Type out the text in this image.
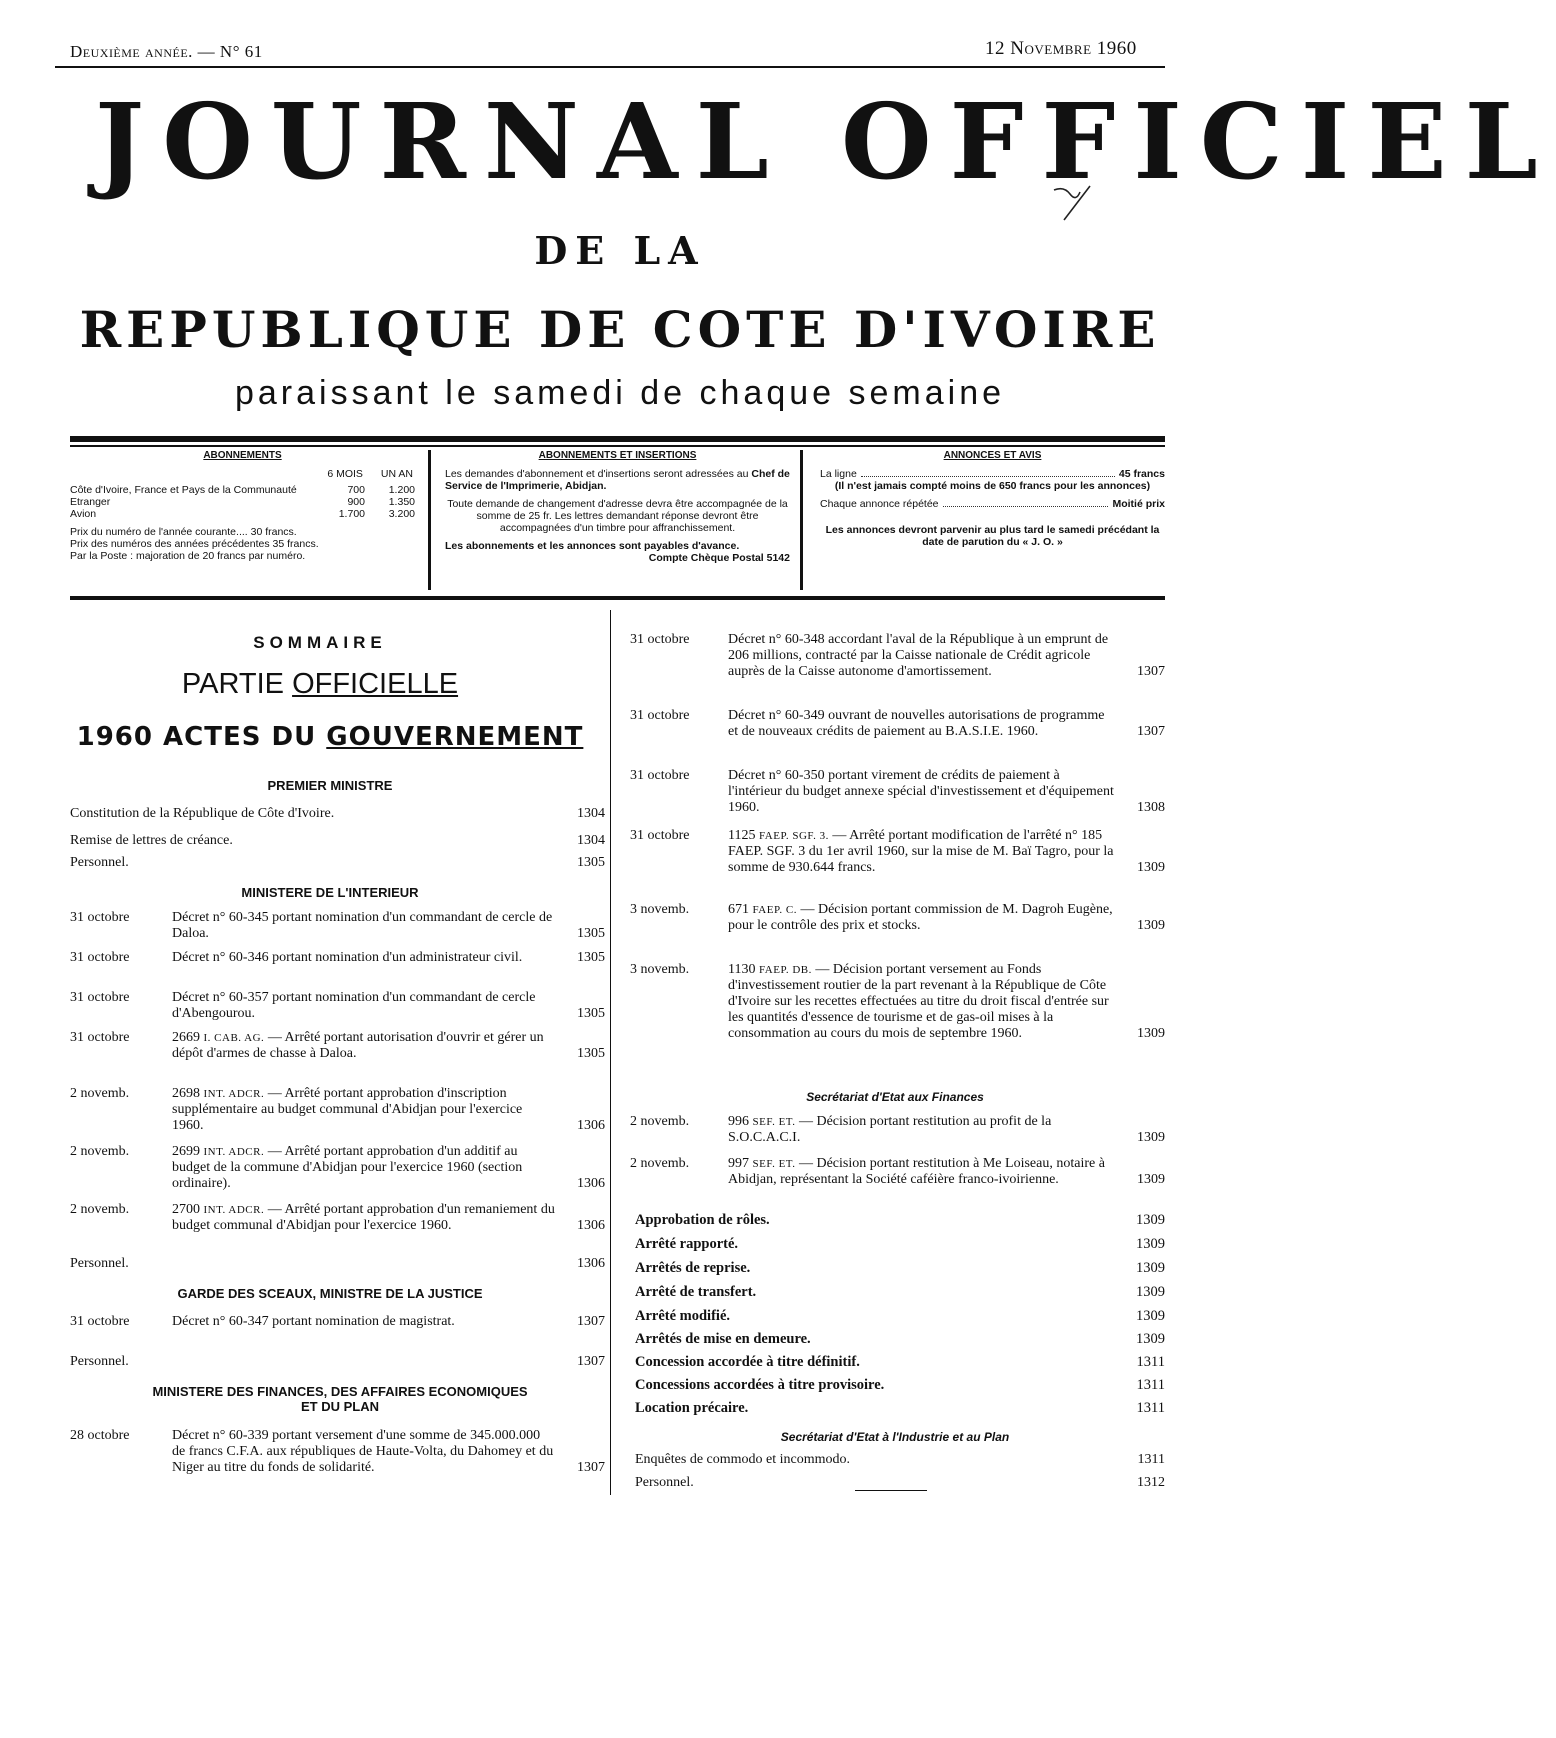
Deuxième année. — N° 61	12 Novembre 1960
JOURNAL OFFICIEL
DE LA
REPUBLIQUE DE COTE D'IVOIRE
paraissant le samedi de chaque semaine
ABONNEMENTS
6 MOIS UN AN
Côte d'Ivoire, France et Pays de la Communauté	700	1.200
Etranger	900	1.350
Avion	1.700	3.200
Prix du numéro de l'année courante.... 30 francs.
Prix des numéros des années précédentes 35 francs.
Par la Poste : majoration de 20 francs par numéro.
ABONNEMENTS ET INSERTIONS
Les demandes d'abonnement et d'insertions seront adressées au Chef de Service de l'Imprimerie, Abidjan.
Toute demande de changement d'adresse devra être accompagnée de la somme de 25 fr. Les lettres demandant réponse devront être accompagnées d'un timbre pour affranchissement.
Les abonnements et les annonces sont payables d'avance.
Compte Chèque Postal 5142
ANNONCES ET AVIS
La ligne	45 francs
(Il n'est jamais compté moins de 650 francs pour les annonces)
Chaque annonce répétée	Moitié prix
Les annonces devront parvenir au plus tard le samedi précédant la date de parution du « J. O. »
SOMMAIRE
PARTIE OFFICIELLE
1960 ACTES DU GOUVERNEMENT
PREMIER MINISTRE
Constitution de la République de Côte d'Ivoire.	1304
Remise de lettres de créance.	1304
Personnel.	1305
MINISTERE DE L'INTERIEUR
31 octobre	Décret n° 60-345 portant nomination d'un commandant de cercle de Daloa.	1305
31 octobre	Décret n° 60-346 portant nomination d'un administrateur civil.	1305
31 octobre	Décret n° 60-357 portant nomination d'un commandant de cercle d'Abengourou.	1305
31 octobre	2669 I. CAB. AG. — Arrêté portant autorisation d'ouvrir et gérer un dépôt d'armes de chasse à Daloa.	1305
2 novemb.	2698 INT. ADCR. — Arrêté portant approbation d'inscription supplémentaire au budget communal d'Abidjan pour l'exercice 1960.	1306
2 novemb.	2699 INT. ADCR. — Arrêté portant approbation d'un additif au budget de la commune d'Abidjan pour l'exercice 1960 (section ordinaire).	1306
2 novemb.	2700 INT. ADCR. — Arrêté portant approbation d'un remaniement du budget communal d'Abidjan pour l'exercice 1960.	1306
Personnel.	1306
GARDE DES SCEAUX, MINISTRE DE LA JUSTICE
31 octobre	Décret n° 60-347 portant nomination de magistrat.	1307
Personnel.	1307
MINISTERE DES FINANCES, DES AFFAIRES ECONOMIQUES
ET DU PLAN
28 octobre	Décret n° 60-339 portant versement d'une somme de 345.000.000 de francs C.F.A. aux républiques de Haute-Volta, du Dahomey et du Niger au titre du fonds de solidarité.	1307
31 octobre	Décret n° 60-348 accordant l'aval de la République à un emprunt de 206 millions, contracté par la Caisse nationale de Crédit agricole auprès de la Caisse autonome d'amortissement.	1307
31 octobre	Décret n° 60-349 ouvrant de nouvelles autorisations de programme et de nouveaux crédits de paiement au B.A.S.I.E. 1960.	1307
31 octobre	Décret n° 60-350 portant virement de crédits de paiement à l'intérieur du budget annexe spécial d'investissement et d'équipement 1960.	1308
31 octobre	1125 FAEP. SGF. 3. — Arrêté portant modification de l'arrêté n° 185 FAEP. SGF. 3 du 1er avril 1960, sur la mise de M. Baï Tagro, pour la somme de 930.644 francs.	1309
3 novemb.	671 FAEP. C. — Décision portant commission de M. Dagroh Eugène, pour le contrôle des prix et stocks.	1309
3 novemb.	1130 FAEP. DB. — Décision portant versement au Fonds d'investissement routier de la part revenant à la République de Côte d'Ivoire sur les recettes effectuées au titre du droit fiscal d'entrée sur les quantités d'essence de tourisme et de gas-oil mises à la consommation au cours du mois de septembre 1960.	1309
Secrétariat d'Etat aux Finances
2 novemb.	996 SEF. ET. — Décision portant restitution au profit de la S.O.C.A.C.I.	1309
2 novemb.	997 SEF. ET. — Décision portant restitution à Me Loiseau, notaire à Abidjan, représentant la Société caféière franco-ivoirienne.	1309
Approbation de rôles.	1309
Arrêté rapporté.	1309
Arrêtés de reprise.	1309
Arrêté de transfert.	1309
Arrêté modifié.	1309
Arrêtés de mise en demeure.	1309
Concession accordée à titre définitif.	1311
Concessions accordées à titre provisoire.	1311
Location précaire.	1311
Secrétariat d'Etat à l'Industrie et au Plan
Enquêtes de commodo et incommodo.	1311
Personnel.	1312
